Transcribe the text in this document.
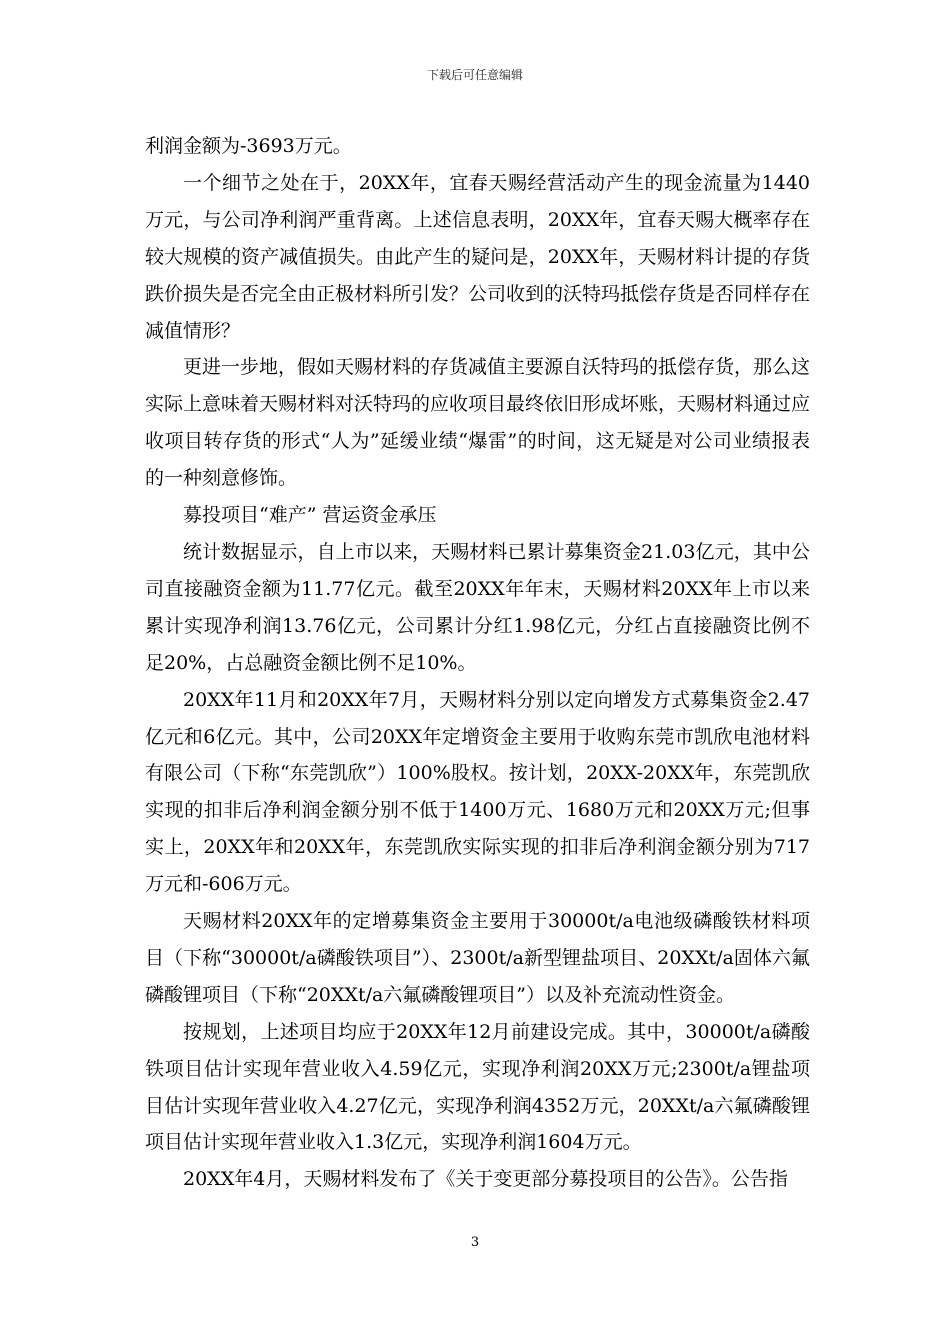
下载后可任意编辑

利润金额为-3693万元。

一个细节之处在于，20XX年，宜春天赐经营活动产生的现金流量为1440万元，与公司净利润严重背离。上述信息表明，20XX年，宜春天赐大概率存在较大规模的资产减值损失。由此产生的疑问是，20XX年，天赐材料计提的存货跌价损失是否完全由正极材料所引发？公司收到的沃特玛抵偿存货是否同样存在减值情形？

更进一步地，假如天赐材料的存货减值主要源自沃特玛的抵偿存货，那么这实际上意味着天赐材料对沃特玛的应收项目最终依旧形成坏账，天赐材料通过应收项目转存货的形式“人为”延缓业绩“爆雷”的时间，这无疑是对公司业绩报表的一种刻意修饰。

募投项目“难产” 营运资金承压

统计数据显示，自上市以来，天赐材料已累计募集资金21.03亿元，其中公司直接融资金额为11.77亿元。截至20XX年年末，天赐材料20XX年上市以来累计实现净利润13.76亿元，公司累计分红1.98亿元，分红占直接融资比例不足20%，占总融资金额比例不足10%。

20XX年11月和20XX年7月，天赐材料分别以定向增发方式募集资金2.47亿元和6亿元。其中，公司20XX年定增资金主要用于收购东莞市凯欣电池材料有限公司（下称“东莞凯欣”）100%股权。按计划，20XX-20XX年，东莞凯欣实现的扣非后净利润金额分别不低于1400万元、1680万元和20XX万元;但事实上，20XX年和20XX年，东莞凯欣实际实现的扣非后净利润金额分别为717万元和-606万元。

天赐材料20XX年的定增募集资金主要用于30000t/a电池级磷酸铁材料项目（下称“30000t/a磷酸铁项目”）、2300t/a新型锂盐项目、20XXt/a固体六氟磷酸锂项目（下称“20XXt/a六氟磷酸锂项目”）以及补充流动性资金。

按规划，上述项目均应于20XX年12月前建设完成。其中，30000t/a磷酸铁项目估计实现年营业收入4.59亿元，实现净利润20XX万元;2300t/a锂盐项目估计实现年营业收入4.27亿元，实现净利润4352万元，20XXt/a六氟磷酸锂项目估计实现年营业收入1.3亿元，实现净利润1604万元。

20XX年4月，天赐材料发布了《关于变更部分募投项目的公告》。公告指

3
